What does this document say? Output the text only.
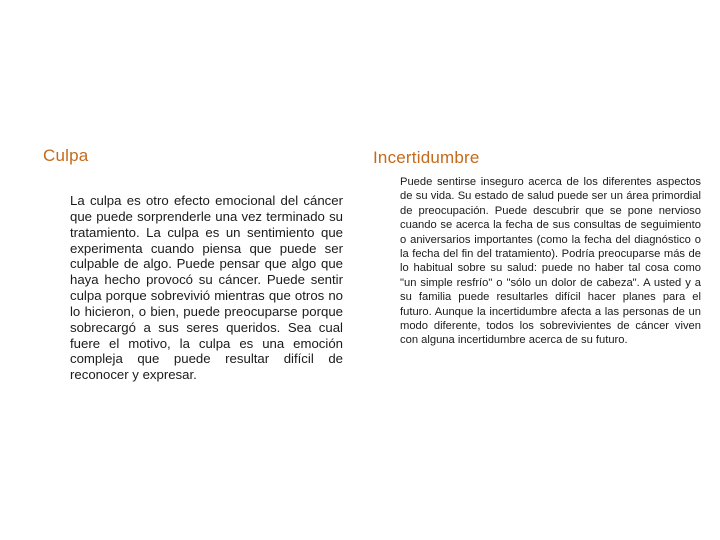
Culpa

La culpa es otro efecto emocional del cáncer que puede sorprenderle una vez terminado su tratamiento. La culpa es un sentimiento que experimenta cuando piensa que puede ser culpable de algo. Puede pensar que algo que haya hecho provocó su cáncer. Puede sentir culpa porque sobrevivió mientras que otros no lo hicieron, o bien, puede preocuparse porque sobrecargó a sus seres queridos. Sea cual fuere el motivo, la culpa es una emoción compleja que puede resultar difícil de reconocer y expresar.

Incertidumbre

Puede sentirse inseguro acerca de los diferentes aspectos de su vida. Su estado de salud puede ser un área primordial de preocupación. Puede descubrir que se pone nervioso cuando se acerca la fecha de sus consultas de seguimiento o aniversarios importantes (como la fecha del diagnóstico o la fecha del fin del tratamiento). Podría preocuparse más de lo habitual sobre su salud: puede no haber tal cosa como "un simple resfrío" o "sólo un dolor de cabeza". A usted y a su familia puede resultarles difícil hacer planes para el futuro. Aunque la incertidumbre afecta a las personas de un modo diferente, todos los sobrevivientes de cáncer viven con alguna incertidumbre acerca de su futuro.
